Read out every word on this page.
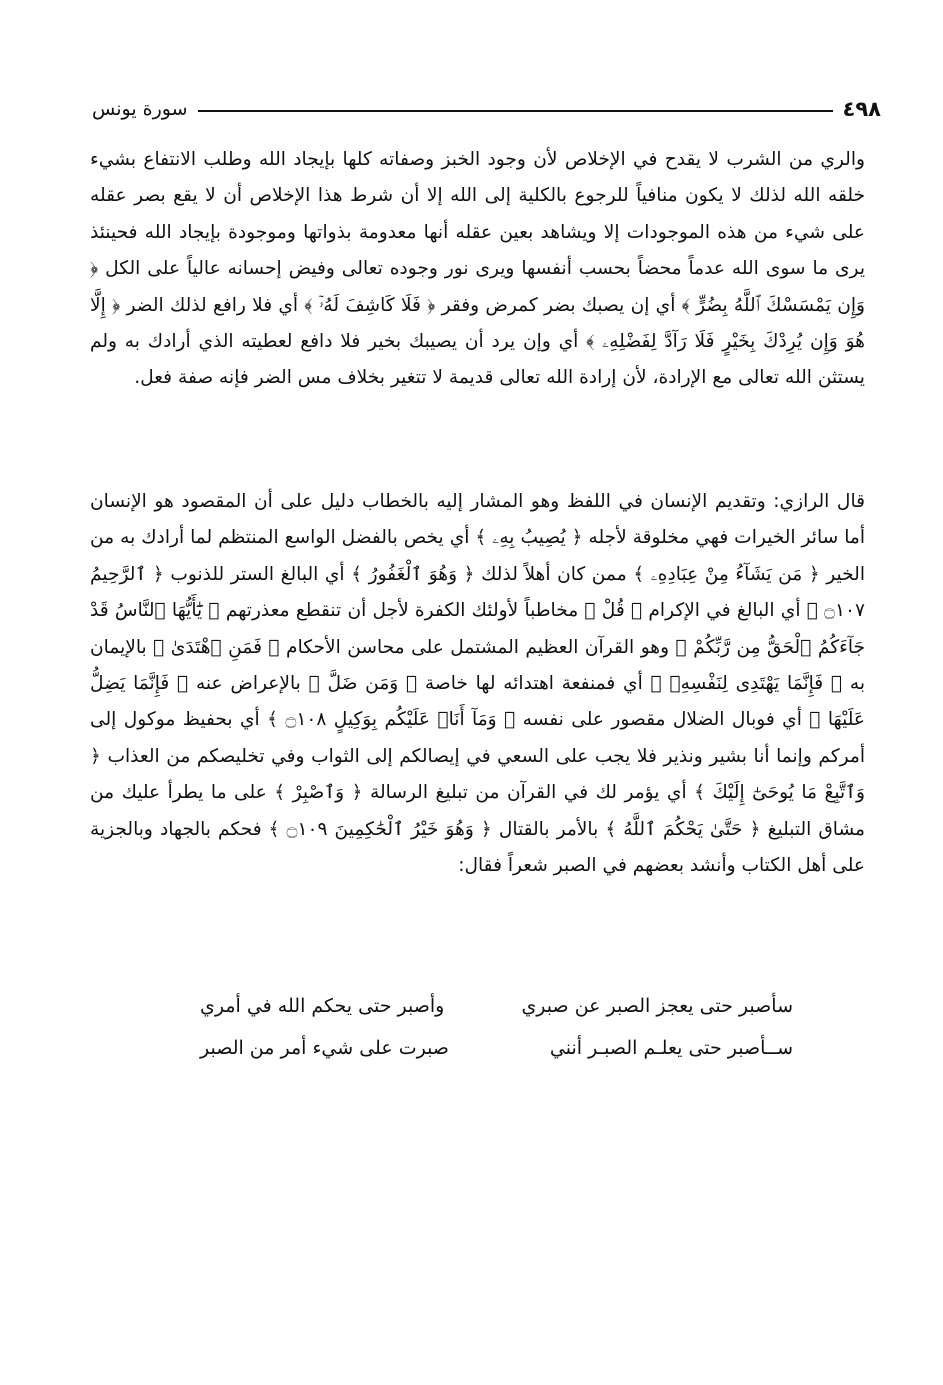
٤٩٨
سورة يونس

والري من الشرب لا يقدح في الإخلاص لأن وجود الخبز وصفاته كلها بإيجاد الله وطلب الانتفاع بشيء خلقه الله لذلك لا يكون منافياً للرجوع بالكلية إلى الله إلا أن شرط هذا الإخلاص أن لا يقع بصر عقله على شيء من هذه الموجودات إلا ويشاهد بعين عقله أنها معدومة بذواتها وموجودة بإيجاد الله فحينئذ يرى ما سوى الله عدماً محضاً بحسب أنفسها ويرى نور وجوده تعالى وفيض إحسانه عالياً على الكل ﴿ وَإِن يَمْسَسْكَ ٱللَّهُ بِضُرٍّ ﴾ أي إن يصبك بضر كمرض وفقر ﴿ فَلَا كَاشِفَ لَهُۥٓ ﴾ أي فلا رافع لذلك الضر ﴿ إِلَّا هُوَ وَإِن يُرِدْكَ بِخَيْرٍ فَلَا رَآدَّ لِفَضْلِهِۦ ﴾ أي وإن يرد أن يصيبك بخير فلا دافع لعطيته الذي أرادك به ولم يستثن الله تعالى مع الإرادة، لأن إرادة الله تعالى قديمة لا تتغير بخلاف مس الضر فإنه صفة فعل.

قال الرازي: وتقديم الإنسان في اللفظ وهو المشار إليه بالخطاب دليل على أن المقصود هو الإنسان أما سائر الخيرات فهي مخلوقة لأجله ﴿ يُصِيبُ بِهِۦ ﴾ أي يخص بالفضل الواسع المنتظم لما أرادك به من الخير ﴿ مَن يَشَآءُ مِنْ عِبَادِهِۦ ﴾ ممن كان أهلاً لذلك ﴿ وَهُوَ ٱلْغَفُورُ ﴾ أي البالغ الستر للذنوب ﴿ ٱلرَّحِيمُ ۝١٠٧ ﴾ أي البالغ في الإكرام ﴿ قُلْ ﴾ مخاطباً لأولئك الكفرة لأجل أن تنقطع معذرتهم ﴿ يَٰٓأَيُّهَا ٱلنَّاسُ قَدْ جَآءَكُمُ ٱلْحَقُّ مِن رَّبِّكُمْ ﴾ وهو القرآن العظيم المشتمل على محاسن الأحكام ﴿ فَمَنِ ٱهْتَدَىٰ ﴾ بالإيمان به ﴿ فَإِنَّمَا يَهْتَدِى لِنَفْسِهِۦ ﴾ أي فمنفعة اهتدائه لها خاصة ﴿ وَمَن ضَلَّ ﴾ بالإعراض عنه ﴿ فَإِنَّمَا يَضِلُّ عَلَيْهَا ﴾ أي فوبال الضلال مقصور على نفسه ﴿ وَمَآ أَنَا۠ عَلَيْكُم بِوَكِيلٍ ۝١٠٨ ﴾ أي بحفيظ موكول إلى أمركم وإنما أنا بشير ونذير فلا يجب على السعي في إيصالكم إلى الثواب وفي تخليصكم من العذاب ﴿ وَٱتَّبِعْ مَا يُوحَىٰٓ إِلَيْكَ ﴾ أي يؤمر لك في القرآن من تبليغ الرسالة ﴿ وَٱصْبِرْ ﴾ على ما يطرأ عليك من مشاق التبليغ ﴿ حَتَّىٰ يَحْكُمَ ٱللَّهُ ﴾ بالأمر بالقتال ﴿ وَهُوَ خَيْرُ ٱلْحَٰكِمِينَ ۝١٠٩ ﴾ فحكم بالجهاد وبالجزية على أهل الكتاب وأنشد بعضهم في الصبر شعراً فقال:

سأصبر حتى يعجز الصبر عن صبري
وأصبر حتى يحكم الله في أمري
ســأصبر حتى يعلـم الصبـر أنني
صبرت على شيء أمر من الصبر
